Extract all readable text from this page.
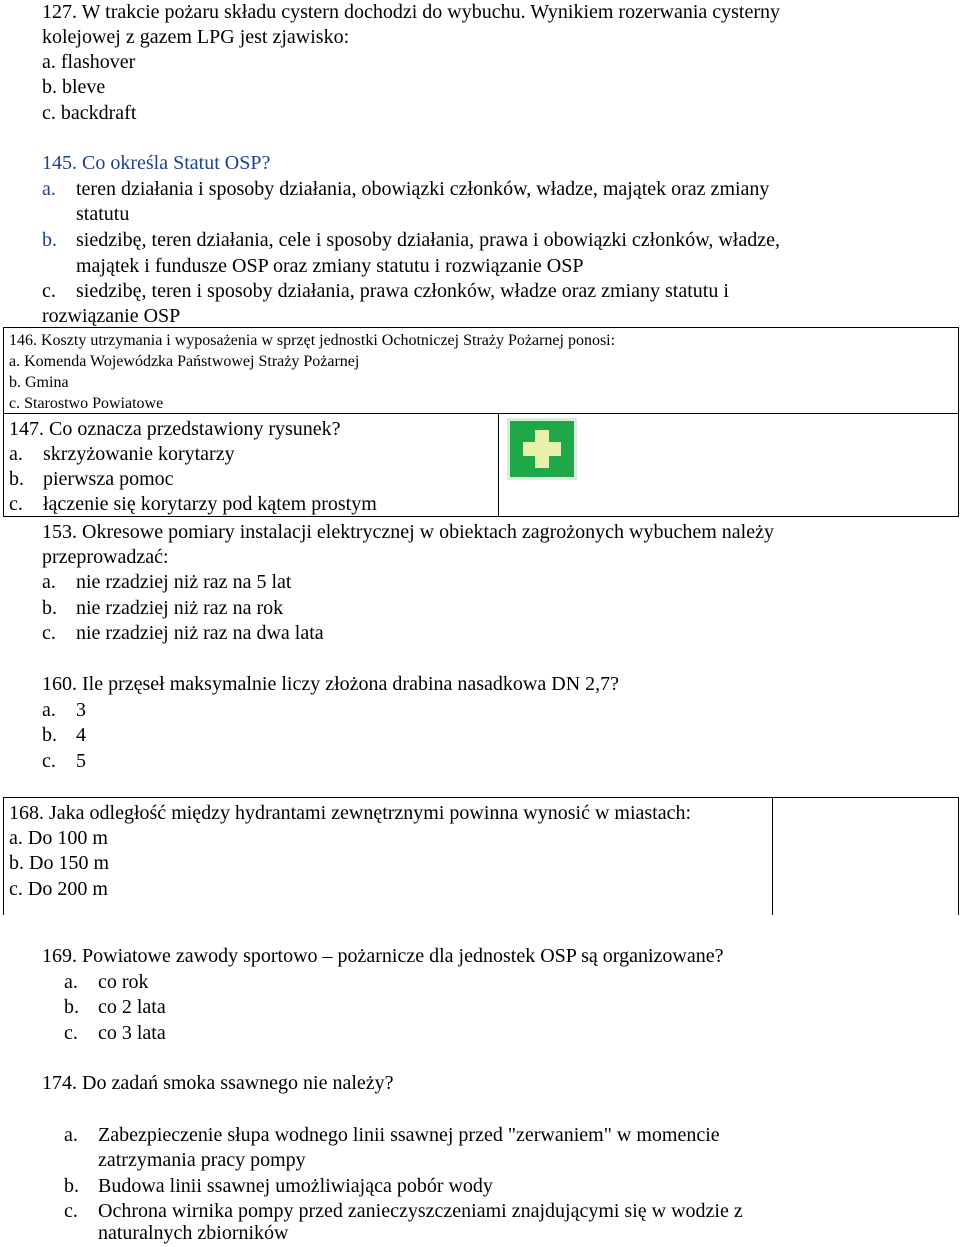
127. W trakcie pożaru składu cystern dochodzi do wybuchu. Wynikiem rozerwania cysterny
kolejowej z gazem LPG jest zjawisko:
a. flashover
b. bleve
c. backdraft
145. Co określa Statut OSP?
a. teren działania i sposoby działania, obowiązki członków, władze, majątek oraz zmiany
statutu
b. siedzibę, teren działania, cele i sposoby działania, prawa i obowiązki członków, władze,
majątek i fundusze OSP oraz zmiany statutu i rozwiązanie OSP
c. siedzibę, teren i sposoby działania, prawa członków, władze oraz zmiany statutu i
rozwiązanie OSP
146. Koszty utrzymania i wyposażenia w sprzęt jednostki Ochotniczej Straży Pożarnej ponosi:
a. Komenda Wojewódzka Państwowej Straży Pożarnej
b. Gmina
c. Starostwo Powiatowe
147. Co oznacza przedstawiony rysunek?
a. skrzyżowanie korytarzy
b. pierwsza pomoc
c. łączenie się korytarzy pod kątem prostym
153. Okresowe pomiary instalacji elektrycznej w obiektach zagrożonych wybuchem należy
przeprowadzać:
a. nie rzadziej niż raz na 5 lat
b. nie rzadziej niż raz na rok
c. nie rzadziej niż raz na dwa lata
160. Ile przęseł maksymalnie liczy złożona drabina nasadkowa DN 2,7?
a. 3
b. 4
c. 5
168. Jaka odległość między hydrantami zewnętrznymi powinna wynosić w miastach:
a. Do 100 m
b. Do 150 m
c. Do 200 m
169. Powiatowe zawody sportowo – pożarnicze dla jednostek OSP są organizowane?
a. co rok
b. co 2 lata
c. co 3 lata
174. Do zadań smoka ssawnego nie należy?
a. Zabezpieczenie słupa wodnego linii ssawnej przed "zerwaniem" w momencie
zatrzymania pracy pompy
b. Budowa linii ssawnej umożliwiająca pobór wody
c. Ochrona wirnika pompy przed zanieczyszczeniami znajdującymi się w wodzie z
naturalnych zbiorników
